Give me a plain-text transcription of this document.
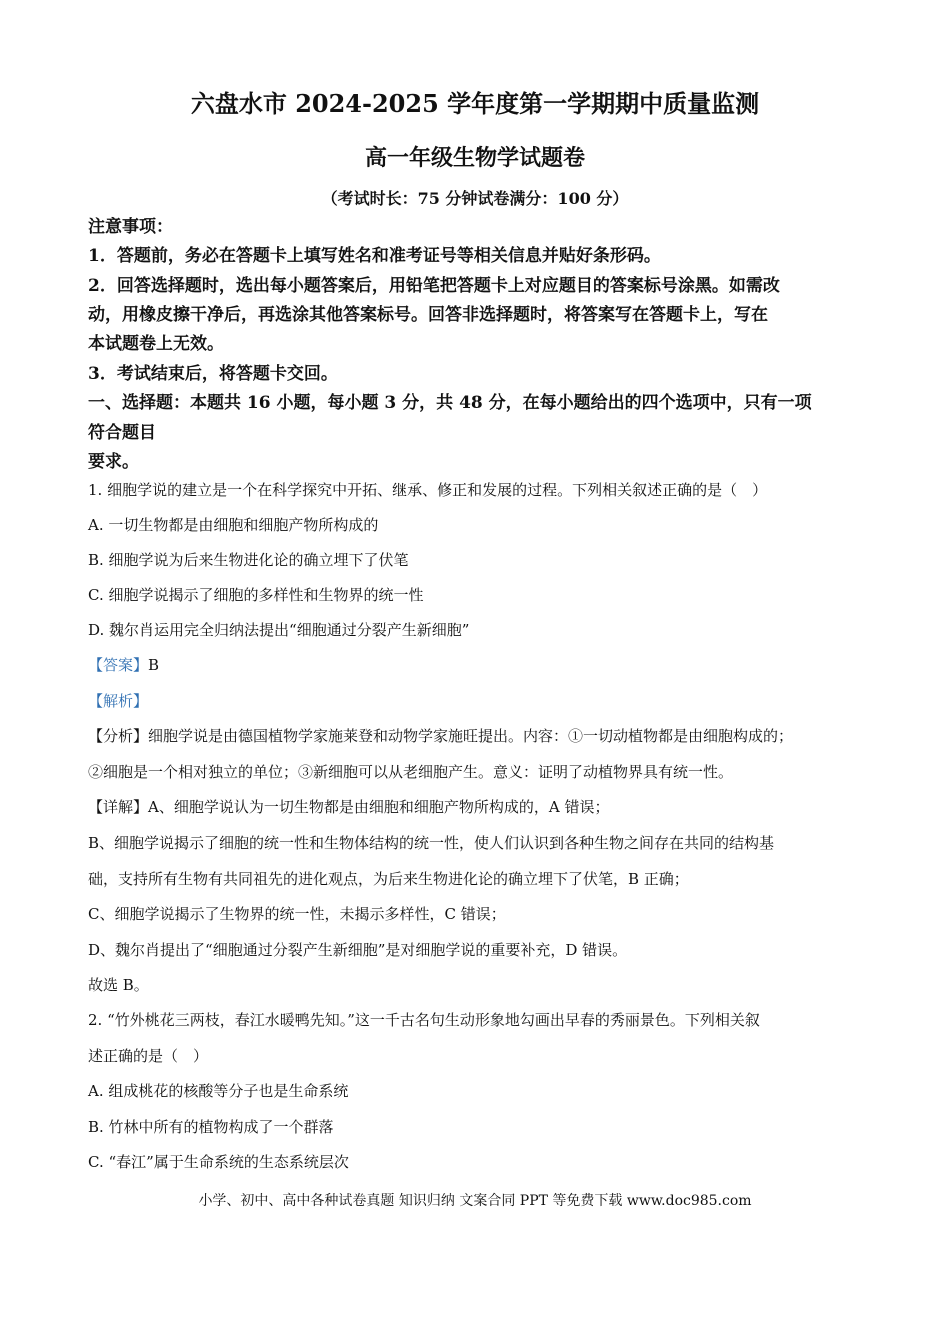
六盘水市 2024-2025 学年度第一学期期中质量监测
高一年级生物学试题卷
（考试时长：75 分钟试卷满分：100 分）
注意事项：
1．答题前，务必在答题卡上填写姓名和准考证号等相关信息并贴好条形码。
2．回答选择题时，选出每小题答案后，用铅笔把答题卡上对应题目的答案标号涂黑。如需改
动，用橡皮擦干净后，再选涂其他答案标号。回答非选择题时，将答案写在答题卡上，写在
本试题卷上无效。
3．考试结束后，将答题卡交回。
一、选择题：本题共 16 小题，每小题 3 分，共 48 分，在每小题给出的四个选项中，只有一项
符合题目
要求。
1. 细胞学说的建立是一个在科学探究中开拓、继承、修正和发展的过程。下列相关叙述正确的是（　）
A. 一切生物都是由细胞和细胞产物所构成的
B. 细胞学说为后来生物进化论的确立埋下了伏笔
C. 细胞学说揭示了细胞的多样性和生物界的统一性
D. 魏尔肖运用完全归纳法提出“细胞通过分裂产生新细胞”
【答案】B
【解析】
【分析】细胞学说是由德国植物学家施莱登和动物学家施旺提出。内容：①一切动植物都是由细胞构成的；
②细胞是一个相对独立的单位；③新细胞可以从老细胞产生。意义：证明了动植物界具有统一性。
【详解】A、细胞学说认为一切生物都是由细胞和细胞产物所构成的，A 错误；
B、细胞学说揭示了细胞的统一性和生物体结构的统一性，使人们认识到各种生物之间存在共同的结构基
础，支持所有生物有共同祖先的进化观点，为后来生物进化论的确立埋下了伏笔，B 正确；
C、细胞学说揭示了生物界的统一性，未揭示多样性，C 错误；
D、魏尔肖提出了“细胞通过分裂产生新细胞”是对细胞学说的重要补充，D 错误。
故选 B。
2. “竹外桃花三两枝，春江水暖鸭先知。”这一千古名句生动形象地勾画出早春的秀丽景色。下列相关叙
述正确的是（　）
A. 组成桃花的核酸等分子也是生命系统
B. 竹林中所有的植物构成了一个群落
C. “春江”属于生命系统的生态系统层次
小学、初中、高中各种试卷真题 知识归纳 文案合同 PPT 等免费下载 www.doc985.com
